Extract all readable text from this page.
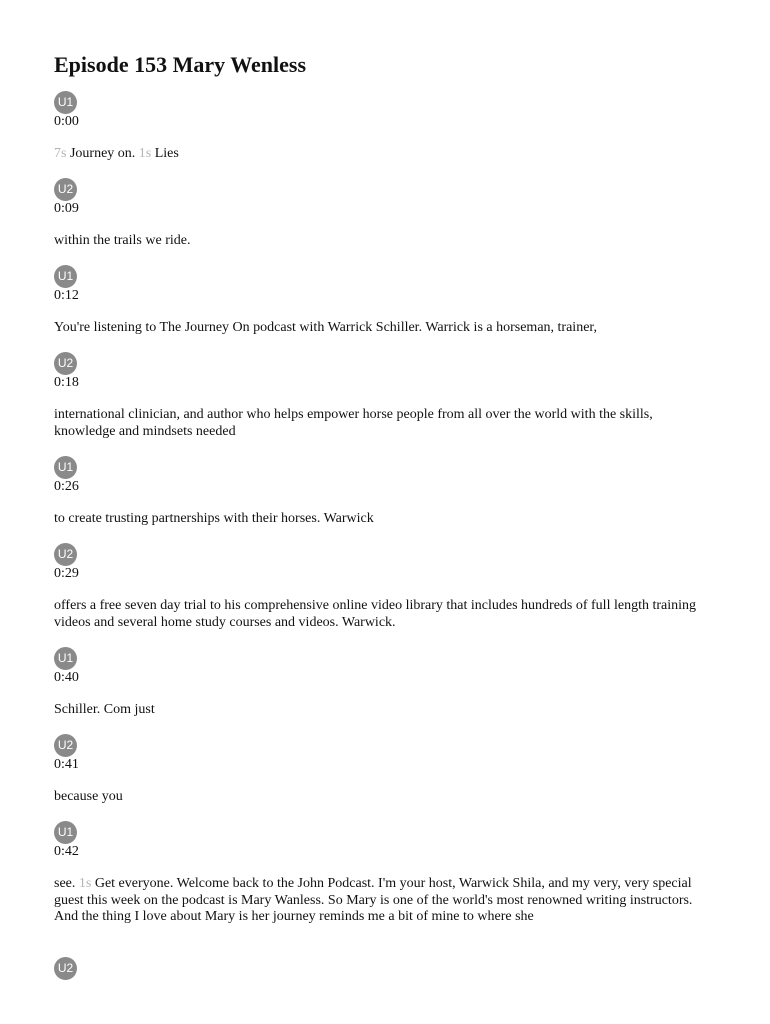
Episode 153 Mary Wenless
U1
0:00
7s Journey on. 1s Lies
U2
0:09
within the trails we ride.
U1
0:12
You're listening to The Journey On podcast with Warrick Schiller. Warrick is a horseman, trainer,
U2
0:18
international clinician, and author who helps empower horse people from all over the world with the skills, knowledge and mindsets needed
U1
0:26
to create trusting partnerships with their horses. Warwick
U2
0:29
offers a free seven day trial to his comprehensive online video library that includes hundreds of full length training videos and several home study courses and videos. Warwick.
U1
0:40
Schiller. Com just
U2
0:41
because you
U1
0:42
see. 1s Get everyone. Welcome back to the John Podcast. I'm your host, Warwick Shila, and my very, very special guest this week on the podcast is Mary Wanless. So Mary is one of the world's most renowned writing instructors. And the thing I love about Mary is her journey reminds me a bit of mine to where she
U2
